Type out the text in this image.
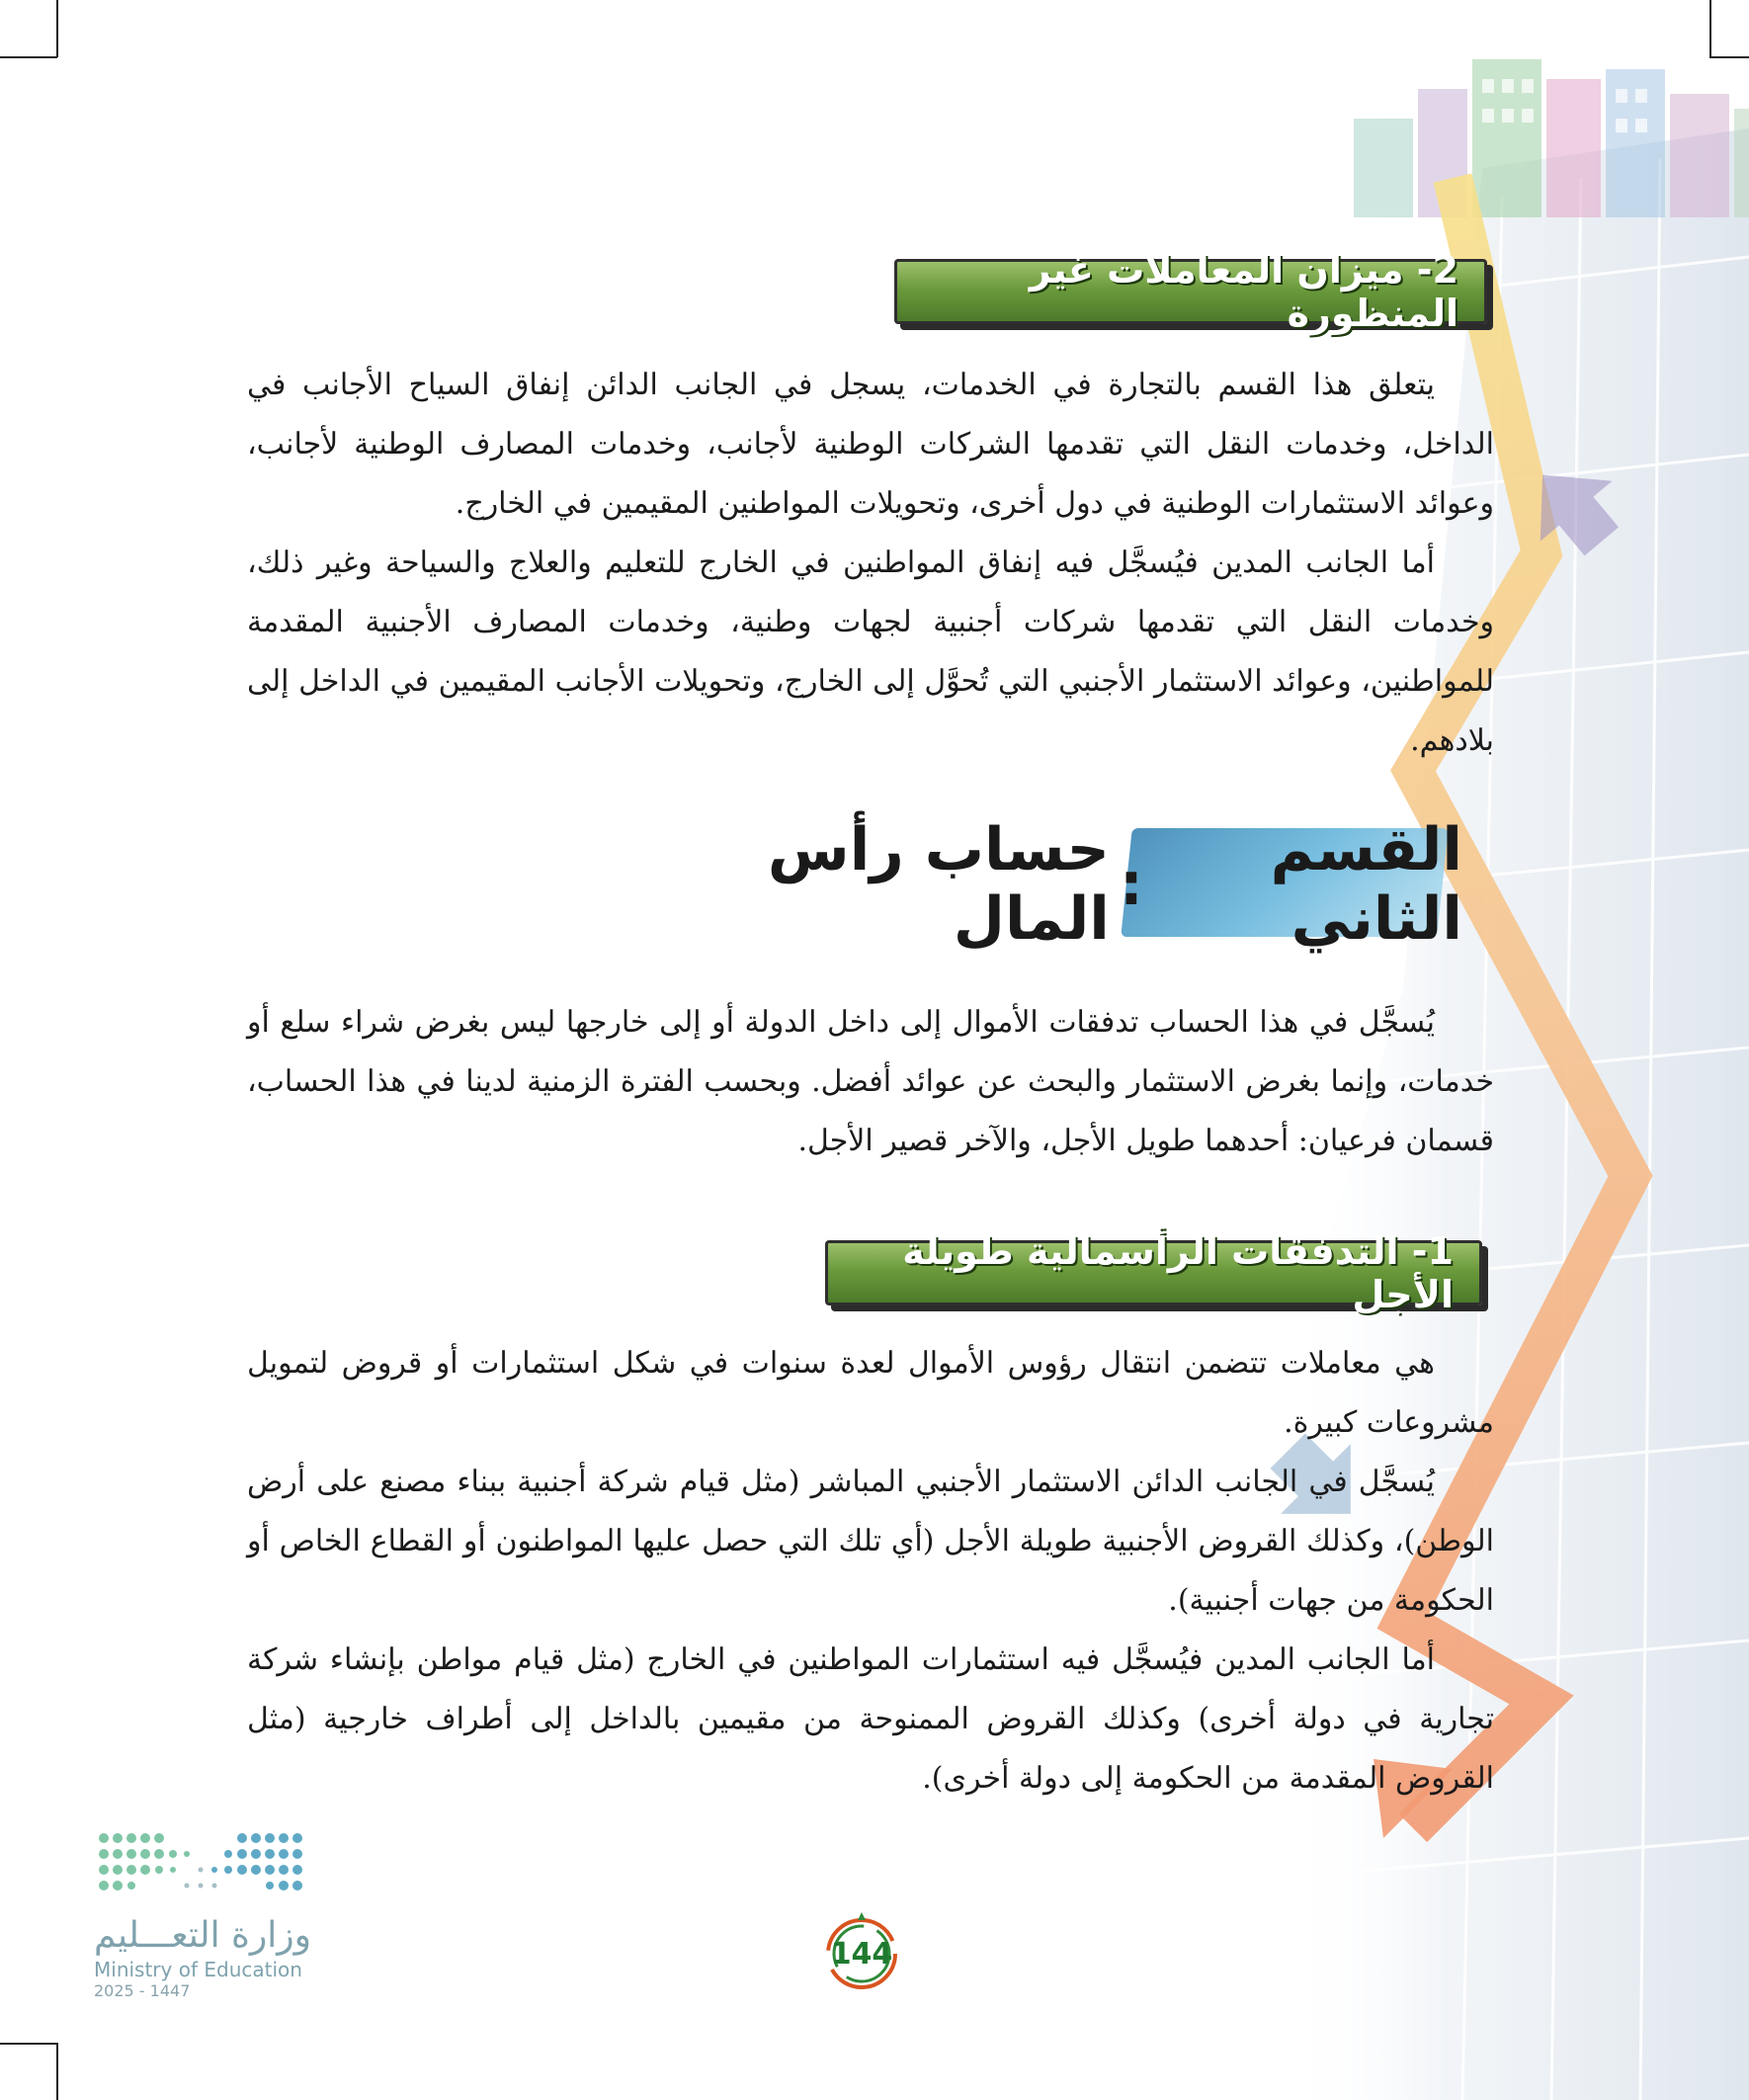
2- ميزان المعاملات غير المنظورة

يتعلق هذا القسم بالتجارة في الخدمات، يسجل في الجانب الدائن إنفاق السياح الأجانب في الداخل، وخدمات النقل التي تقدمها الشركات الوطنية لأجانب، وخدمات المصارف الوطنية لأجانب، وعوائد الاستثمارات الوطنية في دول أخرى، وتحويلات المواطنين المقيمين في الخارج.

أما الجانب المدين فيُسجَّل فيه إنفاق المواطنين في الخارج للتعليم والعلاج والسياحة وغير ذلك، وخدمات النقل التي تقدمها شركات أجنبية لجهات وطنية، وخدمات المصارف الأجنبية المقدمة للمواطنين، وعوائد الاستثمار الأجنبي التي تُحوَّل إلى الخارج، وتحويلات الأجانب المقيمين في الداخل إلى بلادهم.

القسم الثاني
:
حساب رأس المال

يُسجَّل في هذا الحساب تدفقات الأموال إلى داخل الدولة أو إلى خارجها ليس بغرض شراء سلع أو خدمات، وإنما بغرض الاستثمار والبحث عن عوائد أفضل. وبحسب الفترة الزمنية لدينا في هذا الحساب، قسمان فرعيان: أحدهما طويل الأجل، والآخر قصير الأجل.

1- التدفقات الرأسمالية طويلة الأجل

هي معاملات تتضمن انتقال رؤوس الأموال لعدة سنوات في شكل استثمارات أو قروض لتمويل مشروعات كبيرة.

يُسجَّل في الجانب الدائن الاستثمار الأجنبي المباشر (مثل قيام شركة أجنبية ببناء مصنع على أرض الوطن)، وكذلك القروض الأجنبية طويلة الأجل (أي تلك التي حصل عليها المواطنون أو القطاع الخاص أو الحكومة من جهات أجنبية).

أما الجانب المدين فيُسجَّل فيه استثمارات المواطنين في الخارج (مثل قيام مواطن بإنشاء شركة تجارية في دولة أخرى) وكذلك القروض الممنوحة من مقيمين بالداخل إلى أطراف خارجية (مثل القروض المقدمة من الحكومة إلى دولة أخرى).

وزارة التعـــليم
Ministry of Education
2025 - 1447
144
